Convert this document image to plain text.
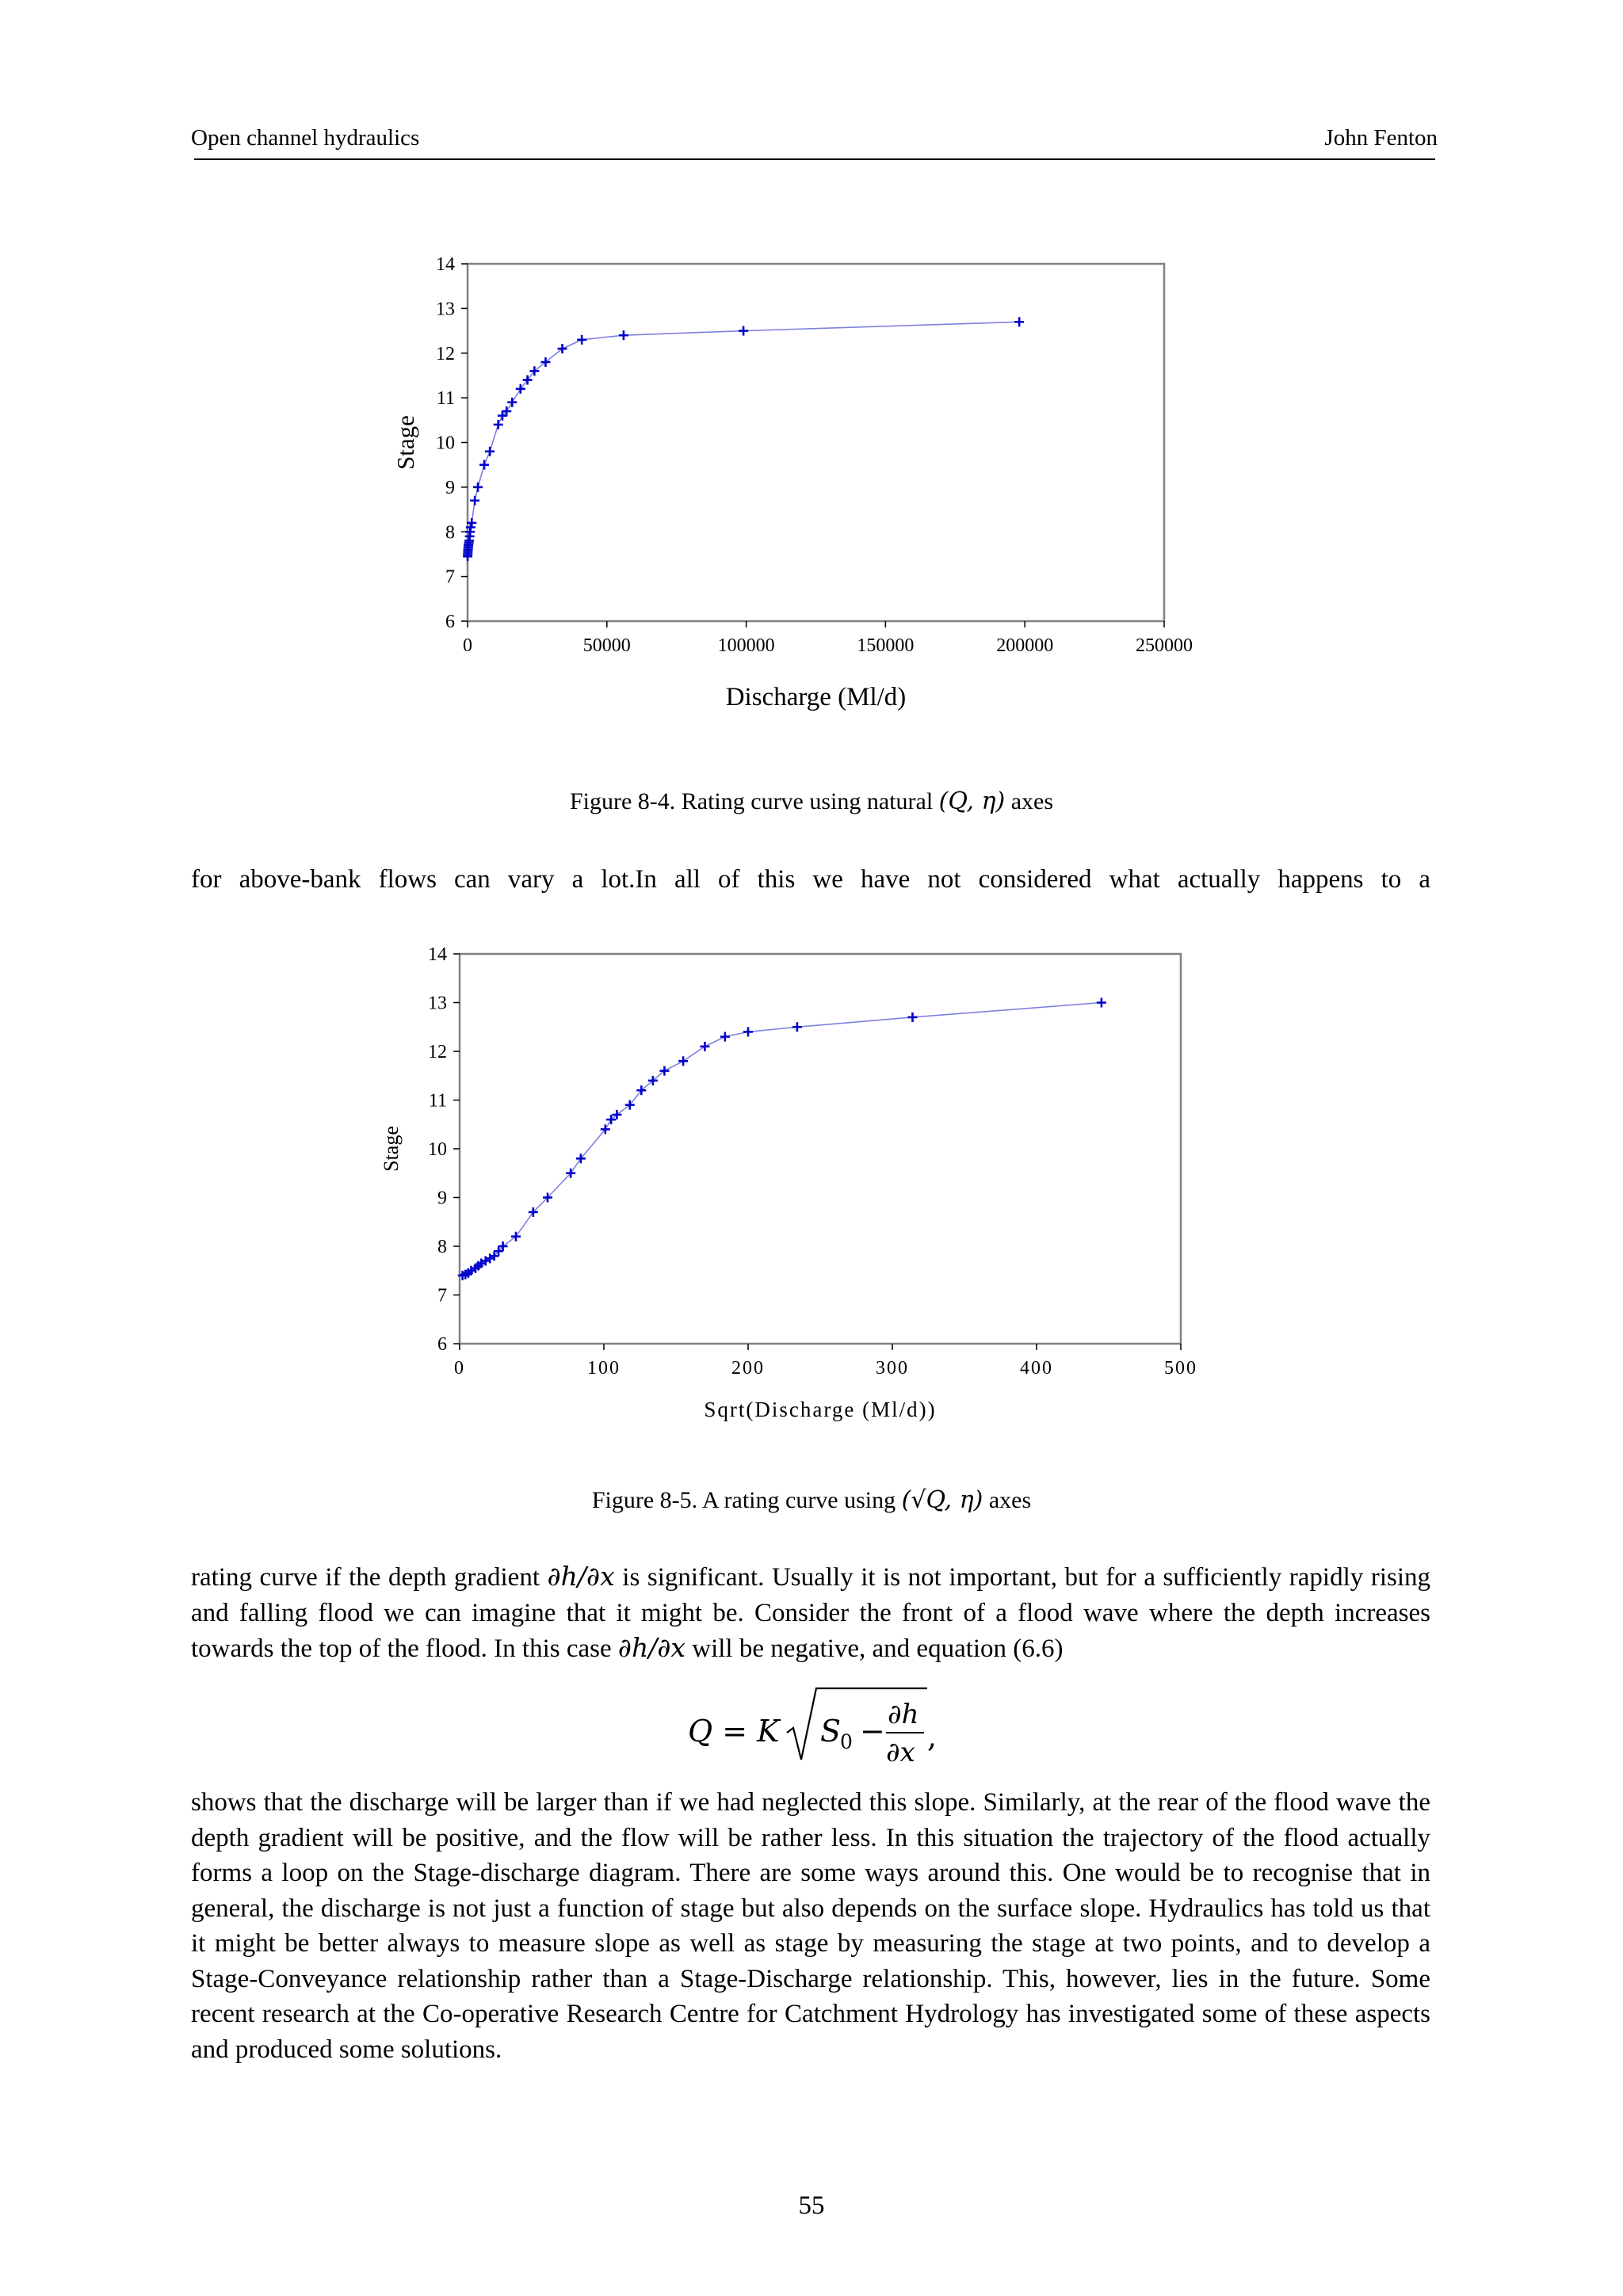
Open channel hydraulics	John Fenton
6
7
8
9
10
11
12
13
14
0	50000	100000	150000	200000	250000
Discharge (Ml/d)
Stage
Figure 8-4. Rating curve using natural (Q, η) axes

for above-bank flows can vary a lot.In all of this we have not considered what actually happens to a

6
7
8
9
10
11
12
13
14
0	100	200	300	400	500
Sqrt(Discharge (Ml/d))
Stage
Figure 8-5. A rating curve using (√Q, η) axes

rating curve if the depth gradient ∂h/∂x is significant. Usually it is not important, but for a sufficiently rapidly rising and falling flood we can imagine that it might be. Consider the front of a flood wave where the depth increases towards the top of the flood. In this case ∂h/∂x will be negative, and equation (6.6)

Q = K S
0 − ∂h
∂x ,

shows that the discharge will be larger than if we had neglected this slope. Similarly, at the rear of the flood wave the depth gradient will be positive, and the flow will be rather less. In this situation the trajectory of the flood actually forms a loop on the Stage-discharge diagram. There are some ways around this. One would be to recognise that in general, the discharge is not just a function of stage but also depends on the surface slope. Hydraulics has told us that it might be better always to measure slope as well as stage by measuring the stage at two points, and to develop a Stage-Conveyance relationship rather than a Stage-Discharge relationship. This, however, lies in the future. Some recent research at the Co-operative Research Centre for Catchment Hydrology has investigated some of these aspects and produced some solutions.

55
